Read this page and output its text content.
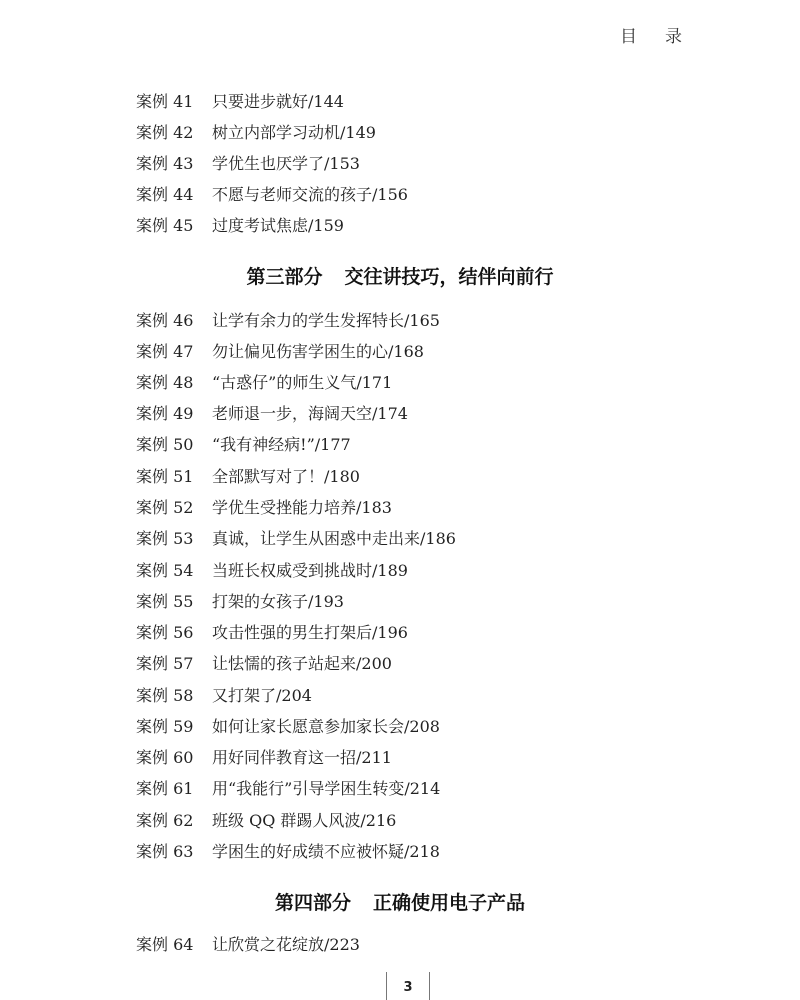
目 录
案例 41 只要进步就好/144
案例 42 树立内部学习动机/149
案例 43 学优生也厌学了/153
案例 44 不愿与老师交流的孩子/156
案例 45 过度考试焦虑/159
第三部分 交往讲技巧，结伴向前行
案例 46 让学有余力的学生发挥特长/165
案例 47 勿让偏见伤害学困生的心/168
案例 48 “古惑仔”的师生义气/171
案例 49 老师退一步，海阔天空/174
案例 50 “我有神经病!”/177
案例 51 全部默写对了！/180
案例 52 学优生受挫能力培养/183
案例 53 真诚，让学生从困惑中走出来/186
案例 54 当班长权威受到挑战时/189
案例 55 打架的女孩子/193
案例 56 攻击性强的男生打架后/196
案例 57 让怯懦的孩子站起来/200
案例 58 又打架了/204
案例 59 如何让家长愿意参加家长会/208
案例 60 用好同伴教育这一招/211
案例 61 用“我能行”引导学困生转变/214
案例 62 班级 QQ 群踢人风波/216
案例 63 学困生的好成绩不应被怀疑/218
第四部分 正确使用电子产品
案例 64 让欣赏之花绽放/223
3
